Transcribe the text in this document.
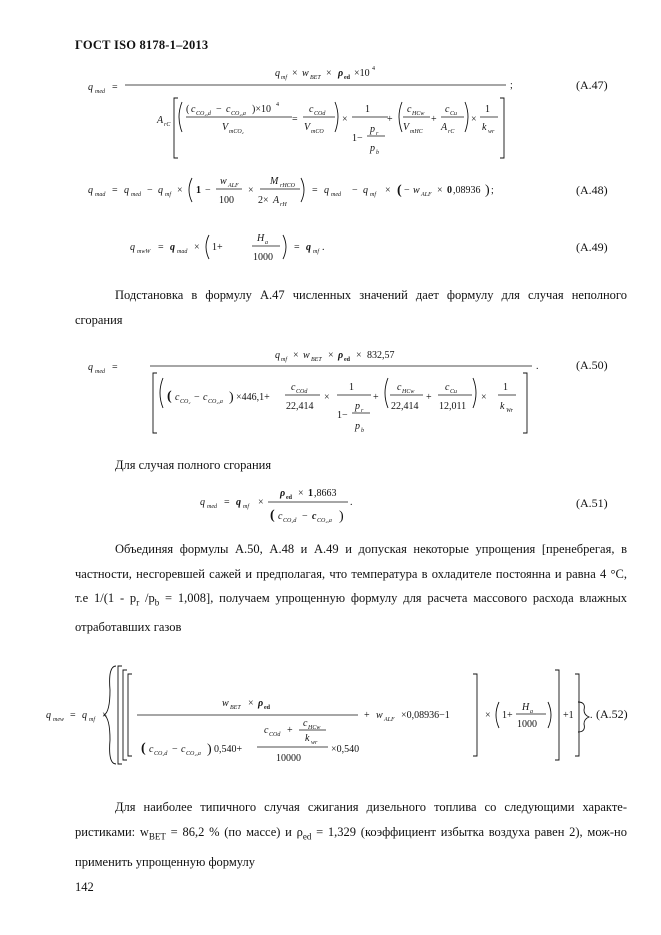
ГОСТ ISO 8178-1–2013
q med =
q mf × w BET × ρ ed ×10 4
;
A rC
( c CO₂,d − c CO₂,a )×10 4
V mCO₂
=
c COd
V mCO
×
1
1−
p r
p b
+
c HCw
V mHC
+
c Cu
A rC
×
1
k wr
(A.47)
q mad = q med − q mf × 1 −
w ALF
100
×
M rHCO
2× A rH
= q med − q mf × ( − w ALF × 0 ,08936 ) ;	(A.48)
q mwW = q mad × 1+
H a
1000
= q mf .	(A.49)
Подстановка в формулу А.47 численных значений дает формулу для случая неполного сгорания
q med =
q mf × w BET × ρ ed × 832,57
.
( c CO₂ − c CO₂,a ) ×446,1+
c COd
22,414
×
1
1−
p r
p b
+
c HCw
22,414
+
c Cu
12,011
×
1
k Wr
(A.50)
Для случая полного сгорания
q med = q mf ×
ρ ed × 1 ,8663
( c CO₂d − c CO₂,a )
.	(A.51)
Объединяя формулы А.50, А.48 и А.49 и допуская некоторые упрощения [пренебрегая, в частности, несгоревшей сажей и предполагая, что температура в охладителе постоянна и равна 4 °С, т.е $1/(1 - p_r$ $/p_b = 1,008$], получаем упрощенную формулу для расчета массового расхода влажных отработавших газов
q mew = q mf ×
w BET × ρ ed
( c CO₂d − c CO₂,a ) 0,540+
c COd +
c HCw
k wr
10000
×0,540
+ w ALF ×0,08936−1	× 1+
H a
1000
+1 . (A.52)
Для наиболее типичного случая сжигания дизельного топлива со следующими характе-ристиками: $w_{BET} = 86,2$ % (по массе) и $\rho_{ed} = 1,329$ (коэффициент избытка воздуха равен 2), мож-но применить упрощенную формулу
142
